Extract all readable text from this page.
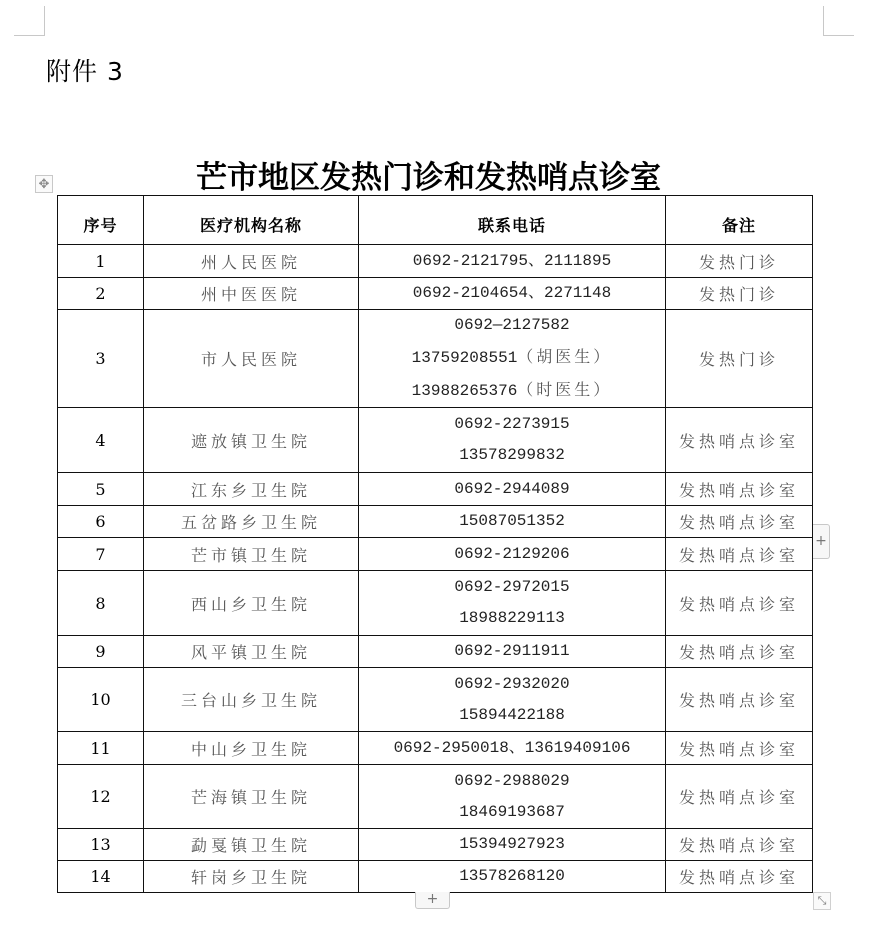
附件 3
✥	芒市地区发热门诊和发热哨点诊室
序号	医疗机构名称	联系电话	备注
1	州人民医院	0692-2121795、2111895	发热门诊
2	州中医医院	0692-2104654、2271148	发热门诊
3	市人民医院	0692—2127582
13759208551（胡医生）
13988265376（时医生）	发热门诊
4	遮放镇卫生院	0692-2273915
13578299832	发热哨点诊室
5	江东乡卫生院	0692-2944089	发热哨点诊室
6	五岔路乡卫生院	15087051352	发热哨点诊室
7	芒市镇卫生院	0692-2129206	发热哨点诊室
8	西山乡卫生院	0692-2972015
18988229113	发热哨点诊室
9	风平镇卫生院	0692-2911911	发热哨点诊室
10	三台山乡卫生院	0692-2932020
15894422188	发热哨点诊室
11	中山乡卫生院	0692-2950018、13619409106	发热哨点诊室
12	芒海镇卫生院	0692-2988029
18469193687	发热哨点诊室
13	勐戛镇卫生院	15394927923	发热哨点诊室
14	轩岗乡卫生院	13578268120	发热哨点诊室
+
+
⤡
